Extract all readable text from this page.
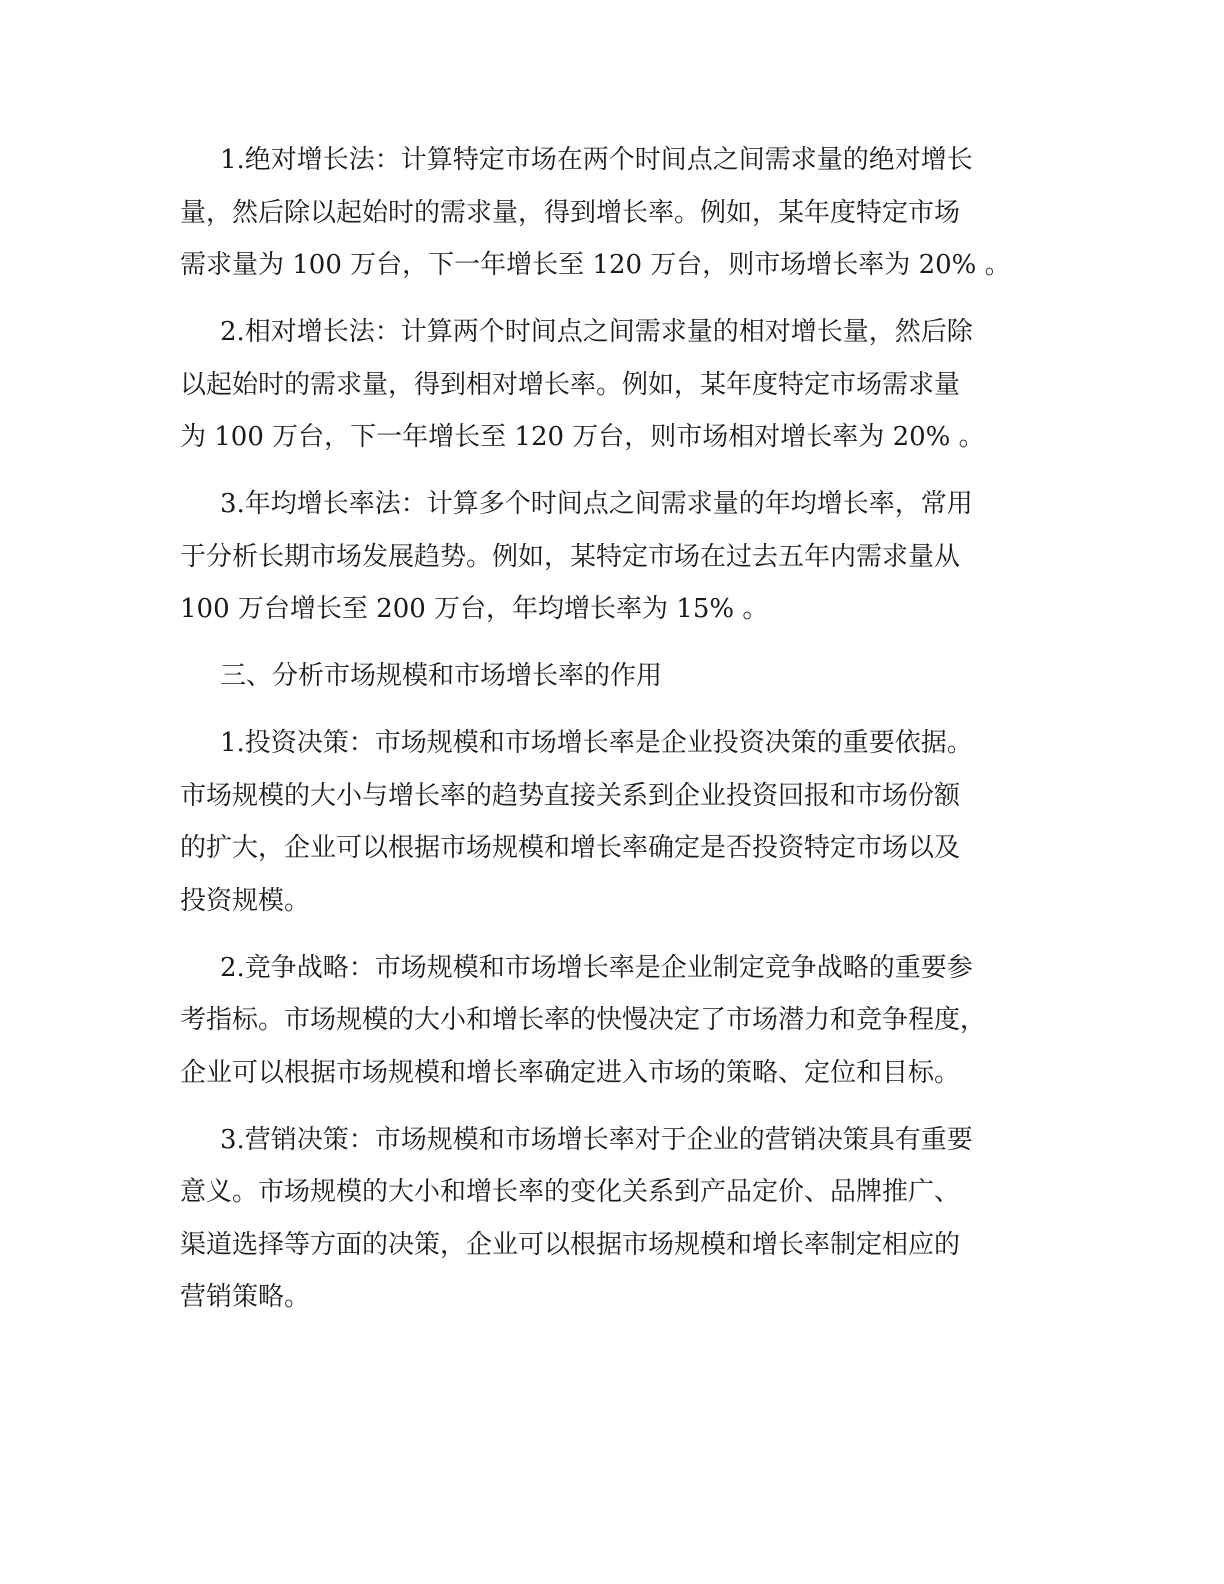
1.绝对增长法：计算特定市场在两个时间点之间需求量的绝对增长
量，然后除以起始时的需求量，得到增长率。例如，某年度特定市场
需求量为 100 万台，下一年增长至 120 万台，则市场增长率为 20% 。

2.相对增长法：计算两个时间点之间需求量的相对增长量，然后除
以起始时的需求量，得到相对增长率。例如，某年度特定市场需求量
为 100 万台，下一年增长至 120 万台，则市场相对增长率为 20% 。

3.年均增长率法：计算多个时间点之间需求量的年均增长率，常用
于分析长期市场发展趋势。例如，某特定市场在过去五年内需求量从
100 万台增长至 200 万台，年均增长率为 15% 。

三、分析市场规模和市场增长率的作用

1.投资决策：市场规模和市场增长率是企业投资决策的重要依据。
市场规模的大小与增长率的趋势直接关系到企业投资回报和市场份额
的扩大，企业可以根据市场规模和增长率确定是否投资特定市场以及
投资规模。

2.竞争战略：市场规模和市场增长率是企业制定竞争战略的重要参
考指标。市场规模的大小和增长率的快慢决定了市场潜力和竞争程度，
企业可以根据市场规模和增长率确定进入市场的策略、定位和目标。

3.营销决策：市场规模和市场增长率对于企业的营销决策具有重要
意义。市场规模的大小和增长率的变化关系到产品定价、品牌推广、
渠道选择等方面的决策，企业可以根据市场规模和增长率制定相应的
营销策略。
